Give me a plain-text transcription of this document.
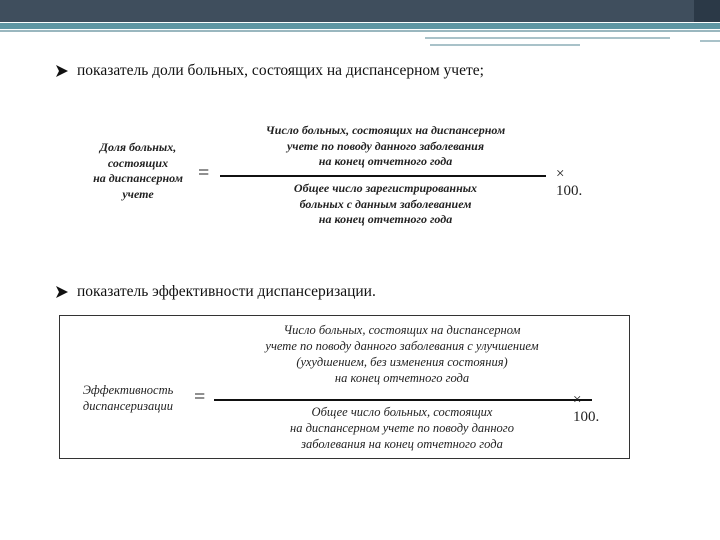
показатель доли больных, состоящих на диспансерном учете;
Доля больных,
состоящих
на диспансерном
учете
=
Число больных, состоящих на диспансерном
учете по поводу данного заболевания
на конец отчетного года
Общее число зарегистрированных
больных с данным заболеванием
на конец отчетного года
× 100.
показатель эффективности диспансеризации.
Эффективность
диспансеризации	=
Число больных, состоящих на диспансерном
учете по поводу данного заболевания с улучшением
(ухудшением, без изменения состояния)
на конец отчетного года
Общее число больных, состоящих
на диспансерном учете по поводу данного
заболевания на конец отчетного года
× 100.
